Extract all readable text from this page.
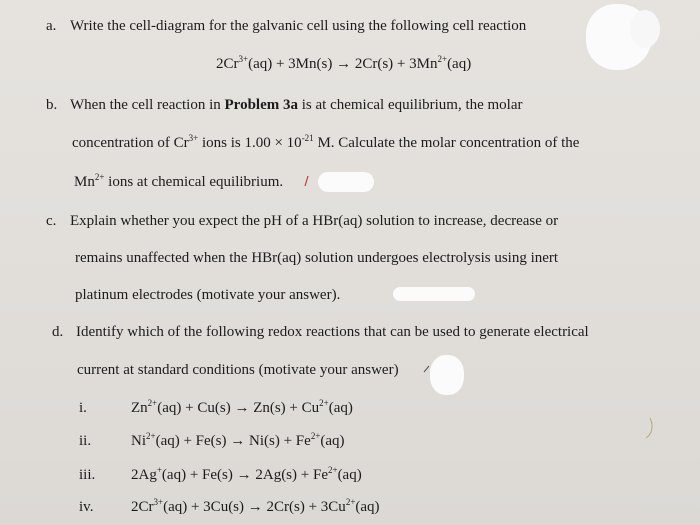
a. Write the cell-diagram for the galvanic cell using the following cell reaction
$2Cr^{3+}(aq) + 3Mn(s) \to 2Cr(s) + 3Mn^{2+}(aq)$
b. When the cell reaction in Problem 3a is at chemical equilibrium, the molar
concentration of $Cr^{3+}$ ions is $1.00 \times 10^{-21}$ M. Calculate the molar concentration of the
$Mn^{2+}$ ions at chemical equilibrium.
c. Explain whether you expect the pH of a HBr(aq) solution to increase, decrease or
remains unaffected when the HBr(aq) solution undergoes electrolysis using inert
platinum electrodes (motivate your answer).
d. Identify which of the following redox reactions that can be used to generate electrical
current at standard conditions (motivate your answer)
i.	$Zn^{2+}(aq) + Cu(s) \to Zn(s) + Cu^{2+}(aq)$
ii.	$Ni^{2+}(aq) + Fe(s) \to Ni(s) + Fe^{2+}(aq)$
iii. $2Ag^+(aq) + Fe(s) \to 2Ag(s) + Fe^{2+}(aq)$
iv.	$2Cr^{3+}(aq) + 3Cu(s) \to 2Cr(s) + 3Cu^{2+}(aq)$
